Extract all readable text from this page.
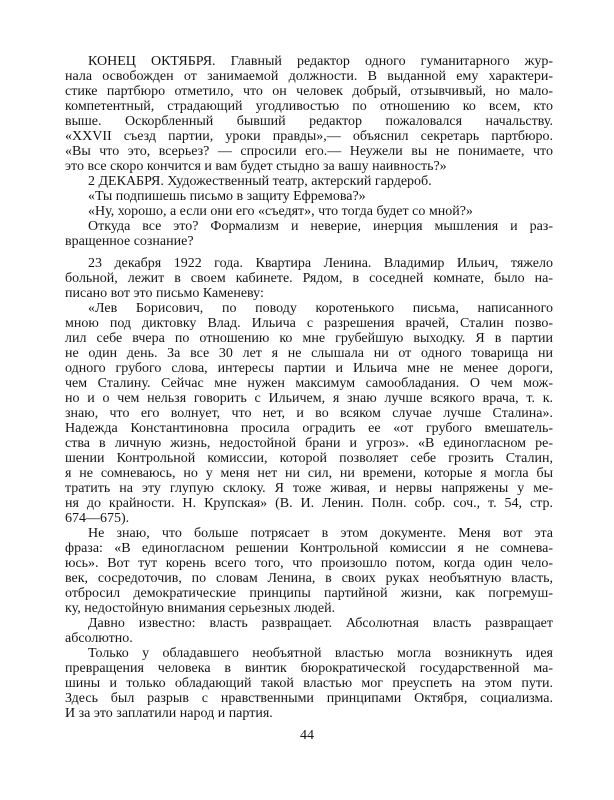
КОНЕЦ ОКТЯБРЯ. Главный редактор одного гуманитарного жур-
нала освобожден от занимаемой должности. В выданной ему характери-
стике партбюро отметило, что он человек добрый, отзывчивый, но мало-
компетентный, страдающий угодливостью по отношению ко всем, кто
выше. Оскорбленный бывший редактор пожаловался начальству.
«XXVII съезд партии, уроки правды»,— объяснил секретарь партбюро.
«Вы что это, всерьез? — спросили его.— Неужели вы не понимаете, что
это все скоро кончится и вам будет стыдно за вашу наивность?»
2 ДЕКАБРЯ. Художественный театр, актерский гардероб.
«Ты подпишешь письмо в защиту Ефремова?»
«Ну, хорошо, а если они его «съедят», что тогда будет со мной?»
Откуда все это? Формализм и неверие, инерция мышления и раз-
вращенное сознание?
23 декабря 1922 года. Квартира Ленина. Владимир Ильич, тяжело
больной, лежит в своем кабинете. Рядом, в соседней комнате, было на-
писано вот это письмо Каменеву:
«Лев Борисович, по поводу коротенького письма, написанного
мною под диктовку Влад. Ильича с разрешения врачей, Сталин позво-
лил себе вчера по отношению ко мне грубейшую выходку. Я в партии
не один день. За все 30 лет я не слышала ни от одного товарища ни
одного грубого слова, интересы партии и Ильича мне не менее дороги,
чем Сталину. Сейчас мне нужен максимум самообладания. О чем мож-
но и о чем нельзя говорить с Ильичем, я знаю лучше всякого врача, т. к.
знаю, что его волнует, что нет, и во всяком случае лучше Сталина».
Надежда Константиновна просила оградить ее «от грубого вмешатель-
ства в личную жизнь, недостойной брани и угроз». «В единогласном ре-
шении Контрольной комиссии, которой позволяет себе грозить Сталин,
я не сомневаюсь, но у меня нет ни сил, ни времени, которые я могла бы
тратить на эту глупую склоку. Я тоже живая, и нервы напряжены у ме-
ня до крайности. Н. Крупская» (В. И. Ленин. Полн. собр. соч., т. 54, стр.
674—675).
Не знаю, что больше потрясает в этом документе. Меня вот эта
фраза: «В единогласном решении Контрольной комиссии я не сомнева-
юсь». Вот тут корень всего того, что произошло потом, когда один чело-
век, сосредоточив, по словам Ленина, в своих руках необъятную власть,
отбросил демократические принципы партийной жизни, как погремуш-
ку, недостойную внимания серьезных людей.
Давно известно: власть развращает. Абсолютная власть развращает
абсолютно.
Только у обладавшего необъятной властью могла возникнуть идея
превращения человека в винтик бюрократической государственной ма-
шины и только обладающий такой властью мог преуспеть на этом пути.
Здесь был разрыв с нравственными принципами Октября, социализма.
И за это заплатили народ и партия.
44
